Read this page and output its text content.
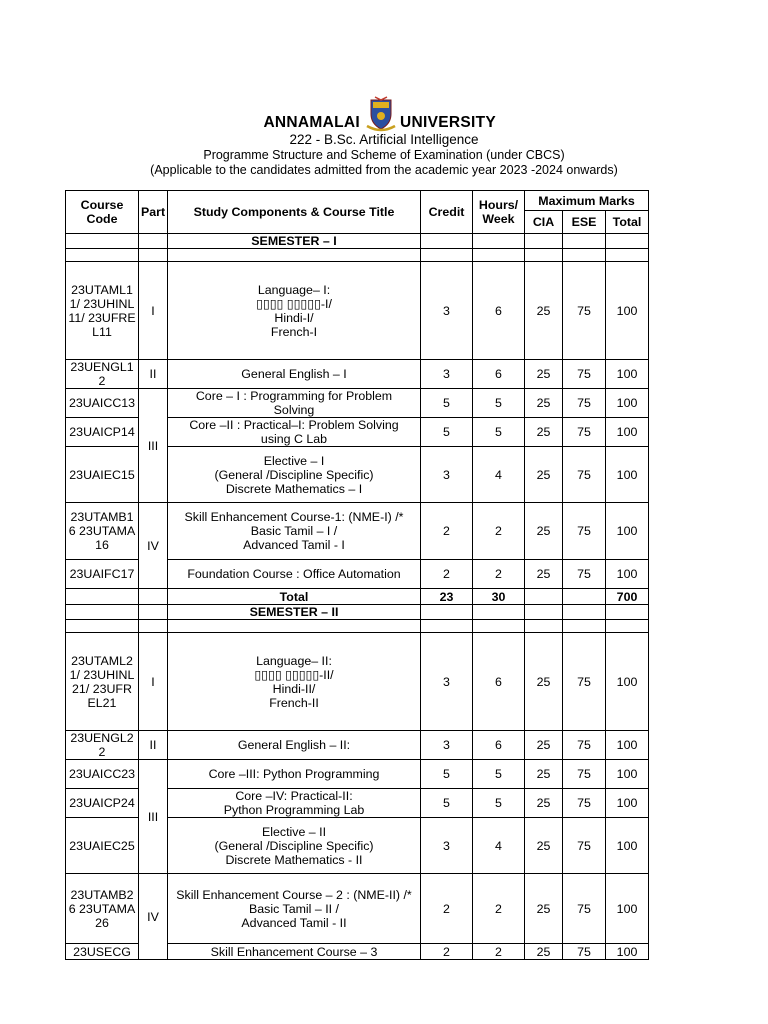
ANNAMALAI	UNIVERSITY
222 - B.Sc. Artificial Intelligence
Programme Structure and Scheme of Examination (under CBCS)
(Applicable to the candidates admitted from the academic year 2023 -2024 onwards)
Course Code	Part	Study Components & Course Title	Credit	Hours/ Week	Maximum Marks		
					CIA	ESE	Total
		SEMESTER – I					

23UTAML11/ 23UHINL11/ 23UFREL11	I	Language– I:
▯▯▯▯ ▯▯▯▯▯-I/
Hindi-I/
French-I	3	6	25	75	100
23UENGL12	II	General English – I	3	6	25	75	100
23UAICC13	III	Core – I : Programming for Problem
Solving	5	5	25	75	100
23UAICP14		Core –II : Practical–I: Problem Solving
using C Lab	5	5	25	75	100
23UAIEC15		Elective – I
(General /Discipline Specific)
Discrete Mathematics – I	3	4	25	75	100
23UTAMB16 23UTAMA16	IV	Skill Enhancement Course-1: (NME-I) /*
Basic Tamil – I /
Advanced Tamil - I	2	2	25	75	100
23UAIFC17		Foundation Course : Office Automation	2	2	25	75	100
		Total	23	30			700
		SEMESTER – II					

23UTAML21/ 23UHINL21/ 23UFREL21	I	Language– II:
▯▯▯▯ ▯▯▯▯▯-II/
Hindi-II/
French-II	3	6	25	75	100
23UENGL22	II	General English – II:	3	6	25	75	100
23UAICC23	III	Core –III: Python Programming	5	5	25	75	100
23UAICP24		Core –IV: Practical-II:
Python Programming Lab	5	5	25	75	100
23UAIEC25		Elective – II
(General /Discipline Specific)
Discrete Mathematics - II	3	4	25	75	100
23UTAMB26 23UTAMA26	IV	Skill Enhancement Course – 2 : (NME-II) /*
Basic Tamil – II /
Advanced Tamil - II	2	2	25	75	100
23USECG		Skill Enhancement Course – 3	2	2	25	75	100
